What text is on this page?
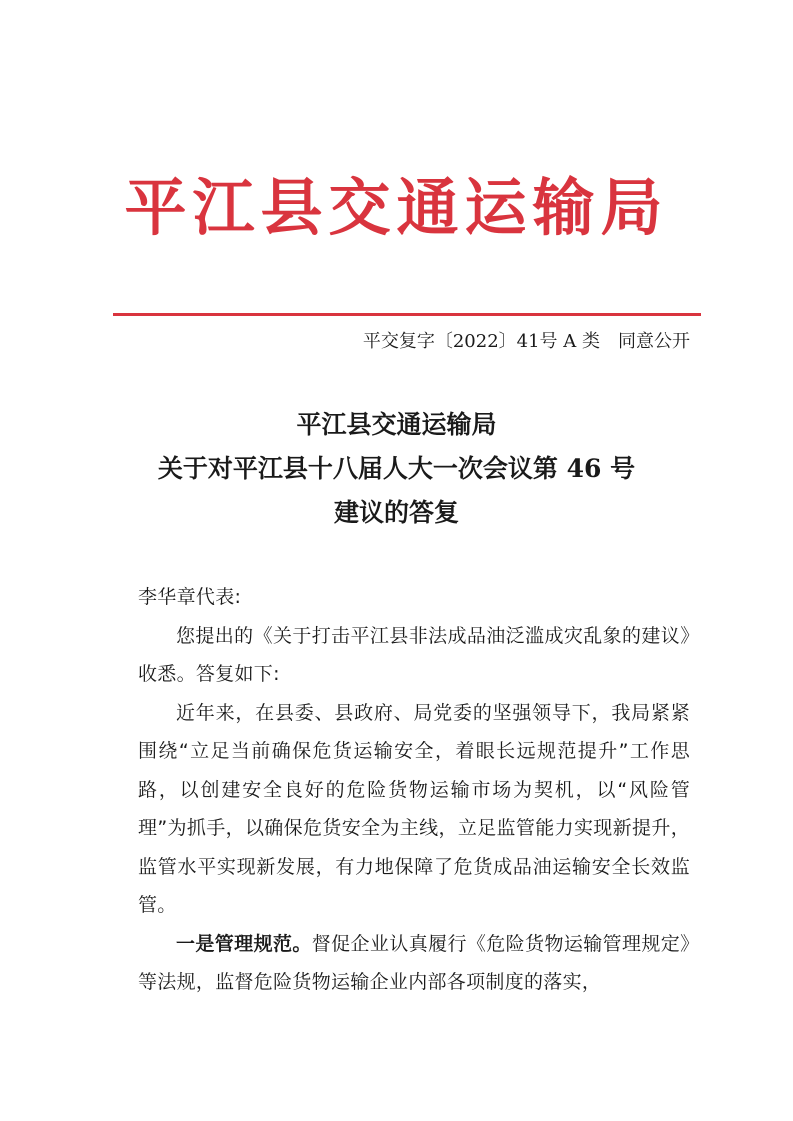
平江县交通运输局
平交复字〔2022〕41号 A 类　同意公开
平江县交通运输局
关于对平江县十八届人大一次会议第 46 号
建议的答复

李华章代表:

您提出的《关于打击平江县非法成品油泛滥成灾乱象的建议》收悉。答复如下:

近年来，在县委、县政府、局党委的坚强领导下，我局紧紧围绕“立足当前确保危货运输安全，着眼长远规范提升”工作思路，以创建安全良好的危险货物运输市场为契机，以“风险管理”为抓手，以确保危货安全为主线，立足监管能力实现新提升，监管水平实现新发展，有力地保障了危货成品油运输安全长效监管。

一是管理规范。督促企业认真履行《危险货物运输管理规定》等法规，监督危险货物运输企业内部各项制度的落实，
